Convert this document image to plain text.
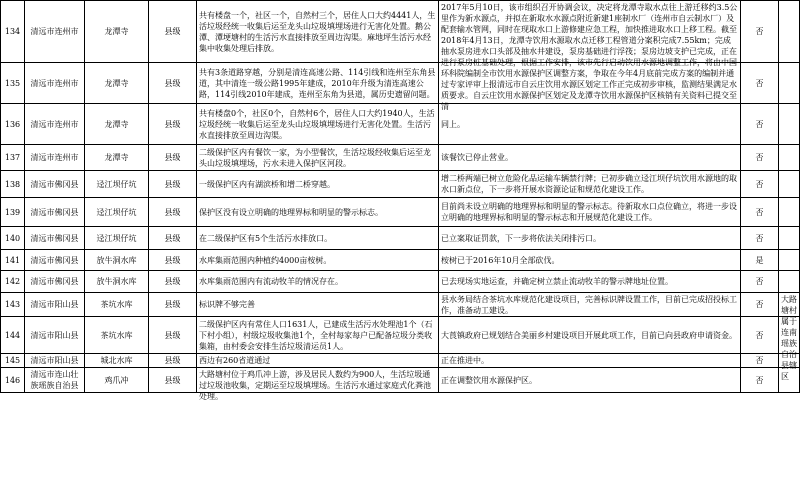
134	清远市连州市	龙潭寺	县级	共有楼盘一个，社区一个，自然村三个，居住人口大约4441人，生活垃圾经统一收集后运至龙头山垃圾填埋场进行无害化处置。鹅公潭、潭埂塘村的生活污水直接排放至周边沟渠。麻地坪生活污水经集中收集处理后排放。	2017年5月10日，该市组织召开协调会议，决定将龙潭寺取水点往上游迁移约3.5公里作为新水源点，并拟在新取水水源点附近新建1座制水厂（连州市自云制水厂）及配套输水管网，同时在现取水口上游修建应急工程，加快推进取水口上移工程。截至2018年4月13日，龙潭寺饮用水源取水点迁移工程管道分案积完成7.55km；完成抽水泵房进水口头部及抽水井建设，泵房基础进行浮筏；泵房边坡支护已完成，正在进行泵房桩基础处理，根据工作安排，该市先行启动饮用水源地调整工作，将由中国环科院编制全市饮用水源保护区调整方案，争取在今年4月底前完成方案的编制并通过专家评审上报清远市自云庄饮用水源区划定工作正完成初步审核，监测结果满足水质要求。自云庄饮用水源保护区划定及龙潭寺饮用水源保护区核销有关资料已提交至清	否	

135	清远市连州市	龙潭寺	县级	共有3条道路穿越，分别是清连高速公路、114引线和连州至东角县道，其中清连一级公路1995年建成，2010年升级为清连高速公路，114引线2010年建成，连州至东角为县道，属历史遗留问题。		否	

136	清远市连州市	龙潭寺	县级	共有楼盘0个，社区0个，自然村6个，居住人口大约1940人，生活垃圾经统一收集后运至龙头山垃圾填埋场进行无害化处置。生活污水直接排放至周边沟渠。	同上。	否	

137	清远市连州市	龙潭寺	县级	二级保护区内有餐饮一家，为小型餐饮，生活垃圾经收集后运至龙头山垃圾填埋场，污水未进入保护区河段。	该餐饮已停止营业。	否	

138	清远市佛冈县	迳江坝仔坑	县级	一级保护区内有湖滨桥和增二桥穿越。	增二桥两端已树立危险化品运输车辆禁行牌；已初步确立迳江坝仔坑饮用水源地的取水口新点位，下一步将开展水资源论证和规范化建设工作。	否	

139	清远市佛冈县	迳江坝仔坑	县级	保护区没有设立明确的地理界标和明显的警示标志。	目前尚未设立明确的地理界标和明显的警示标志。待新取水口点位确立，将进一步设立明确的地理界标和明显的警示标志和开展规范化建设工作。	否	

140	清远市佛冈县	迳江坝仔坑	县级	在二级保护区有5个生活污水排放口。	已立案取证罚款，下一步将依法关闭排污口。	否	

141	清远市佛冈县	放牛洞水库	县级	水库集雨范围内种植约4000亩桉树。	桉树已于2016年10月全部砍伐。	是	

142	清远市佛冈县	放牛洞水库	县级	水库集雨范围内有流动牧羊的情况存在。	已去现场实地运查，并确定树立禁止流动牧羊的警示牌地址位置。	否	

143	清远市阳山县	茶坑水库	县级	标识牌不够完善	县水务局结合茶坑水库规范化建设项目，完善标识牌设置工作，目前已完成招投标工作，准备动工建设。	否	大路塘村属于连南瑶族自治县辖区

144	清远市阳山县	茶坑水库	县级	二级保护区内有常住人口1631人，已建成生活污水处理池1个（石下村小组），村级垃圾收集池1个，全村每家每户已配备垃圾分类收集箱，由村委会安排生活垃圾清运员1人。	大莨镇政府已规划结合美丽乡村建设项目开展此项工作，目前已向县政府申请资金。	否	

145	清远市阳山县	城北水库	县级	西边有260省道通过	正在推进中。	否	

146	清远市连山壮族瑶族自治县	鸡爪冲	县级	大路塘村位于鸡爪冲上游，涉及居民人数约为900人，生活垃圾通过垃圾池收集，定期运至垃圾填埋场。生活污水通过家庭式化粪池处理。	正在调整饮用水源保护区。	否	
